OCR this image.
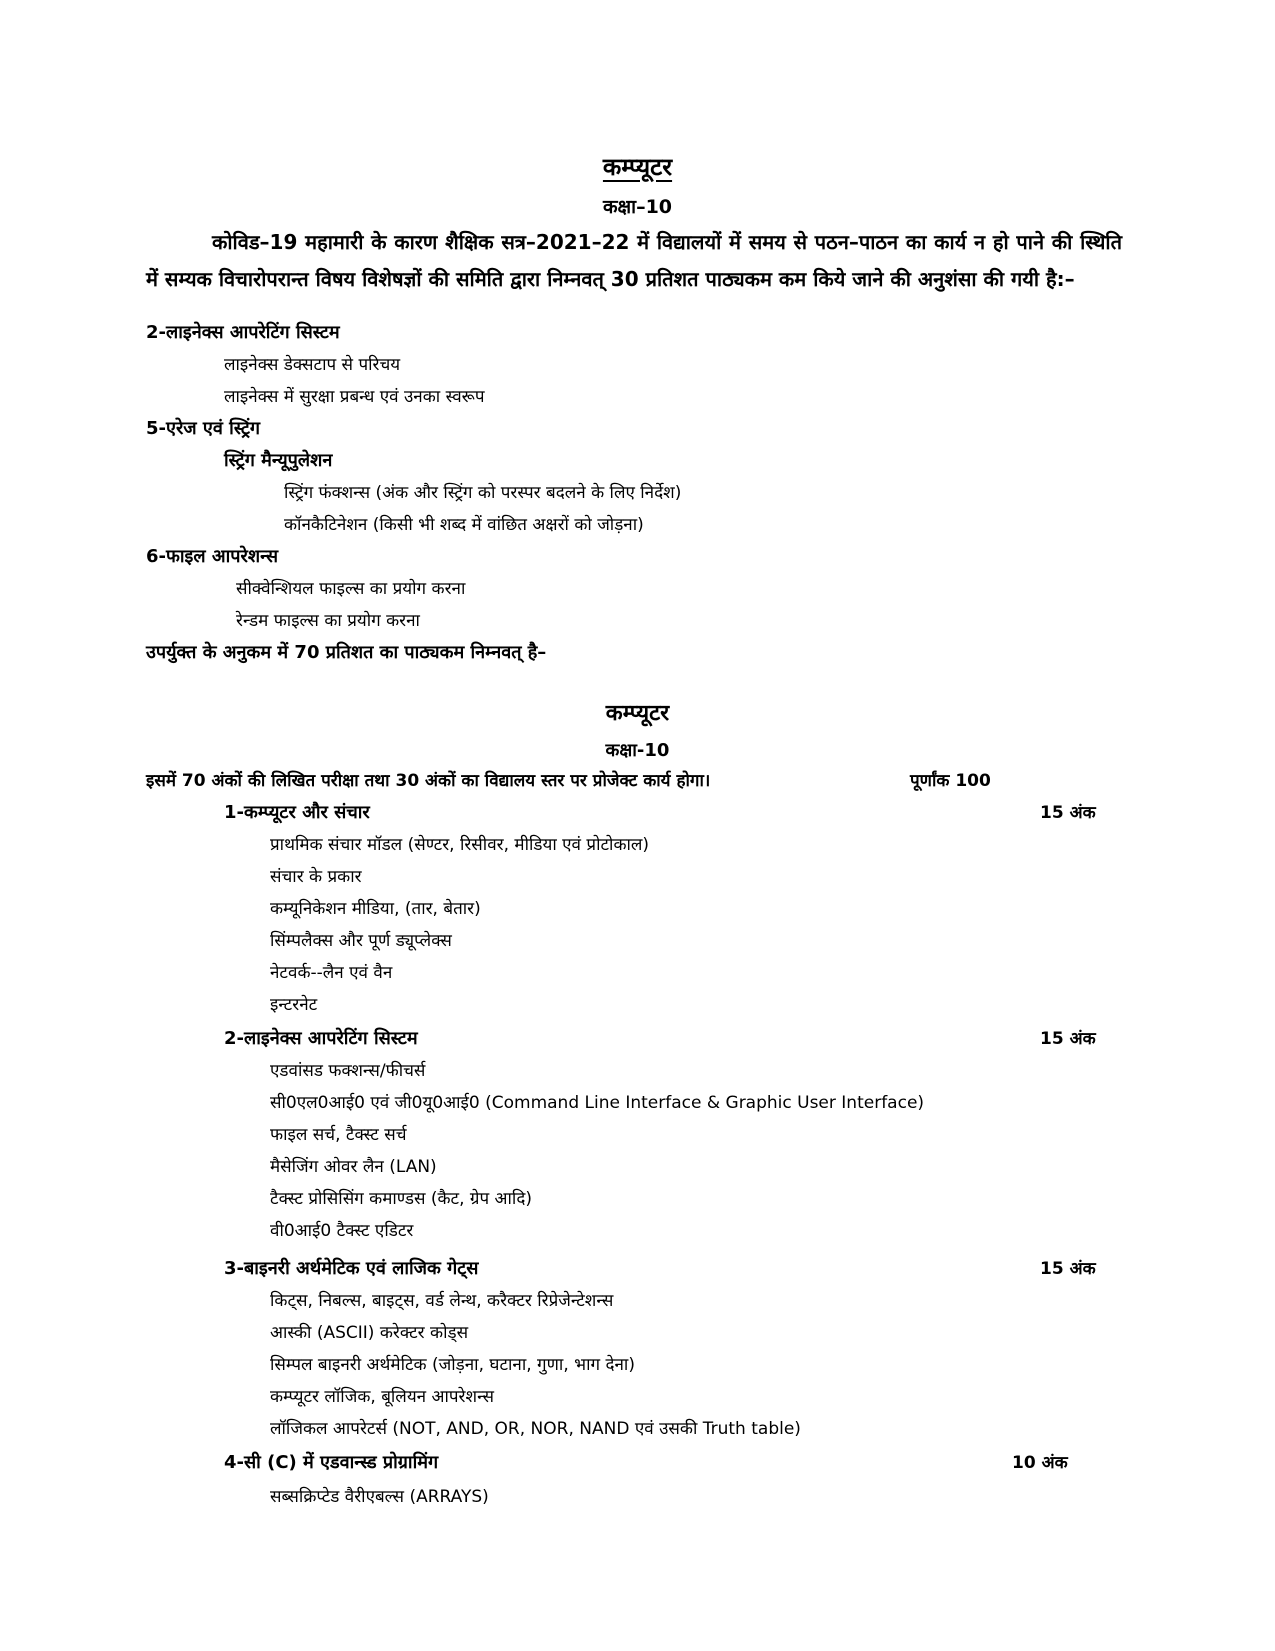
कम्प्यूटर
कक्षा–10
कोविड–19 महामारी के कारण शैक्षिक सत्र–2021–22 में विद्यालयों में समय से पठन–पाठन का कार्य न हो पाने की स्थिति में सम्यक विचारोपरान्त विषय विशेषज्ञों की समिति द्वारा निम्नवत् 30 प्रतिशत पाठ्यकम कम किये जाने की अनुशंसा की गयी है:–
2-लाइनेक्स आपरेटिंग सिस्टम
लाइनेक्स डेक्सटाप से परिचय
लाइनेक्स में सुरक्षा प्रबन्ध एवं उनका स्वरूप
5-एरेज एवं स्ट्रिंग
स्ट्रिंग मैन्यूपुलेशन
स्ट्रिंग फंक्शन्स (अंक और स्ट्रिंग को परस्पर बदलने के लिए निर्देश)
कॉनकैटिनेशन (किसी भी शब्द में वांछित अक्षरों को जोड़ना)
6-फाइल आपरेशन्स
सीक्वेन्शियल फाइल्स का प्रयोग करना
रेन्डम फाइल्स का प्रयोग करना
उपर्युक्त के अनुकम में 70 प्रतिशत का पाठ्यकम निम्नवत् है–
कम्प्यूटर
कक्षा-10
इसमें 70 अंकों की लिखित परीक्षा तथा 30 अंकों का विद्यालय स्तर पर प्रोजेक्ट कार्य होगा।	पूर्णांक 100
1-कम्प्यूटर और संचार	15 अंक
प्राथमिक संचार मॉडल (सेण्टर, रिसीवर, मीडिया एवं प्रोटोकाल)
संचार के प्रकार
कम्यूनिकेशन मीडिया, (तार, बेतार)
सिंम्पलैक्स और पूर्ण ड्यूप्लेक्स
नेटवर्क--लैन एवं वैन
इन्टरनेट
2-लाइनेक्स आपरेटिंग सिस्टम	15 अंक
एडवांसड फक्शन्स/फीचर्स
सी0एल0आई0 एवं जी0यू0आई0 (Command Line Interface & Graphic User Interface)
फाइल सर्च, टैक्स्ट सर्च
मैसेजिंग ओवर लैन (LAN)
टैक्स्ट प्रोसिसिंग कमाण्डस (कैट, ग्रेप आदि)
वी0आई0 टैक्स्ट एडिटर
3-बाइनरी अर्थमेटिक एवं लाजिक गेट्स	15 अंक
किट्स, निबल्स, बाइट्स, वर्ड लेन्थ, करैक्टर रिप्रेजेन्टेशन्स
आस्की (ASCII) करेक्टर कोड्स
सिम्पल बाइनरी अर्थमेटिक (जोड़ना, घटाना, गुणा, भाग देना)
कम्प्यूटर लॉजिक, बूलियन आपरेशन्स
लॉजिकल आपरेटर्स (NOT, AND, OR, NOR, NAND एवं उसकी Truth table)
4-सी (C) में एडवान्स्ड प्रोग्रामिंग	10 अंक
सब्सक्रिप्टेड वैरीएबल्स (ARRAYS)
